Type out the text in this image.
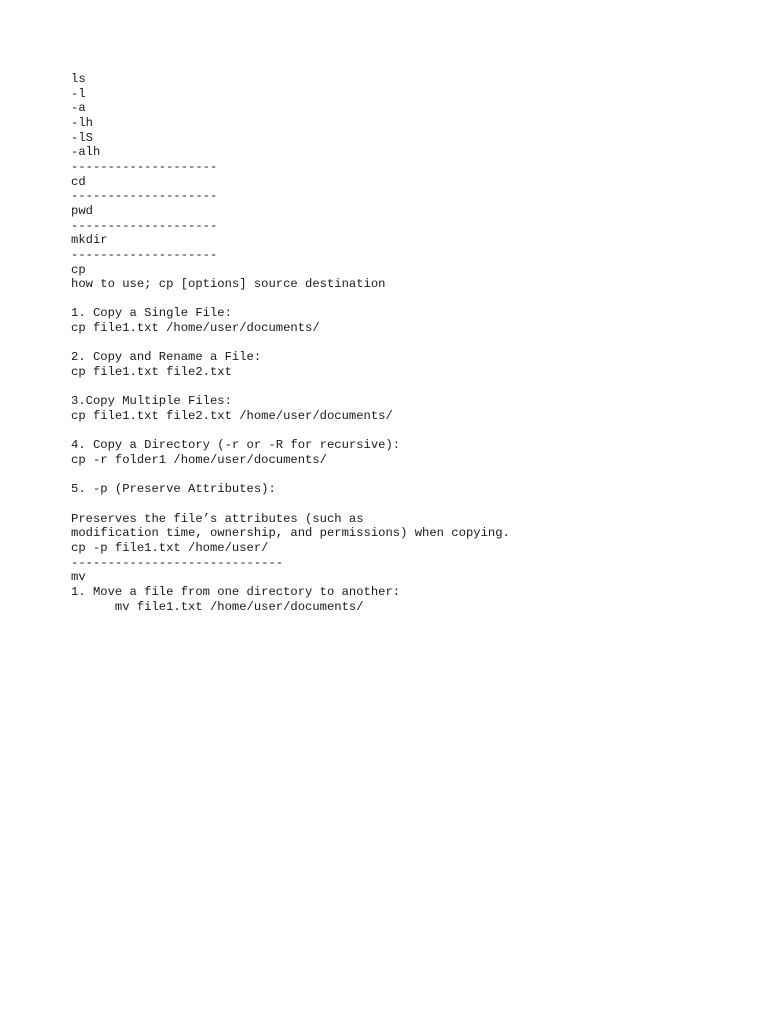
ls
-l
-a
-lh
-lS
-alh
--------------------
cd
--------------------
pwd
--------------------
mkdir
--------------------
cp
how to use; cp [options] source destination
1. Copy a Single File:
cp file1.txt /home/user/documents/
2. Copy and Rename a File:
cp file1.txt file2.txt
3.Copy Multiple Files:
cp file1.txt file2.txt /home/user/documents/
4. Copy a Directory (-r or -R for recursive):
cp -r folder1 /home/user/documents/
5. -p (Preserve Attributes):
Preserves the file’s attributes (such as
modification time, ownership, and permissions) when copying.
cp -p file1.txt /home/user/
-----------------------------
mv
1. Move a file from one directory to another:
mv file1.txt /home/user/documents/
